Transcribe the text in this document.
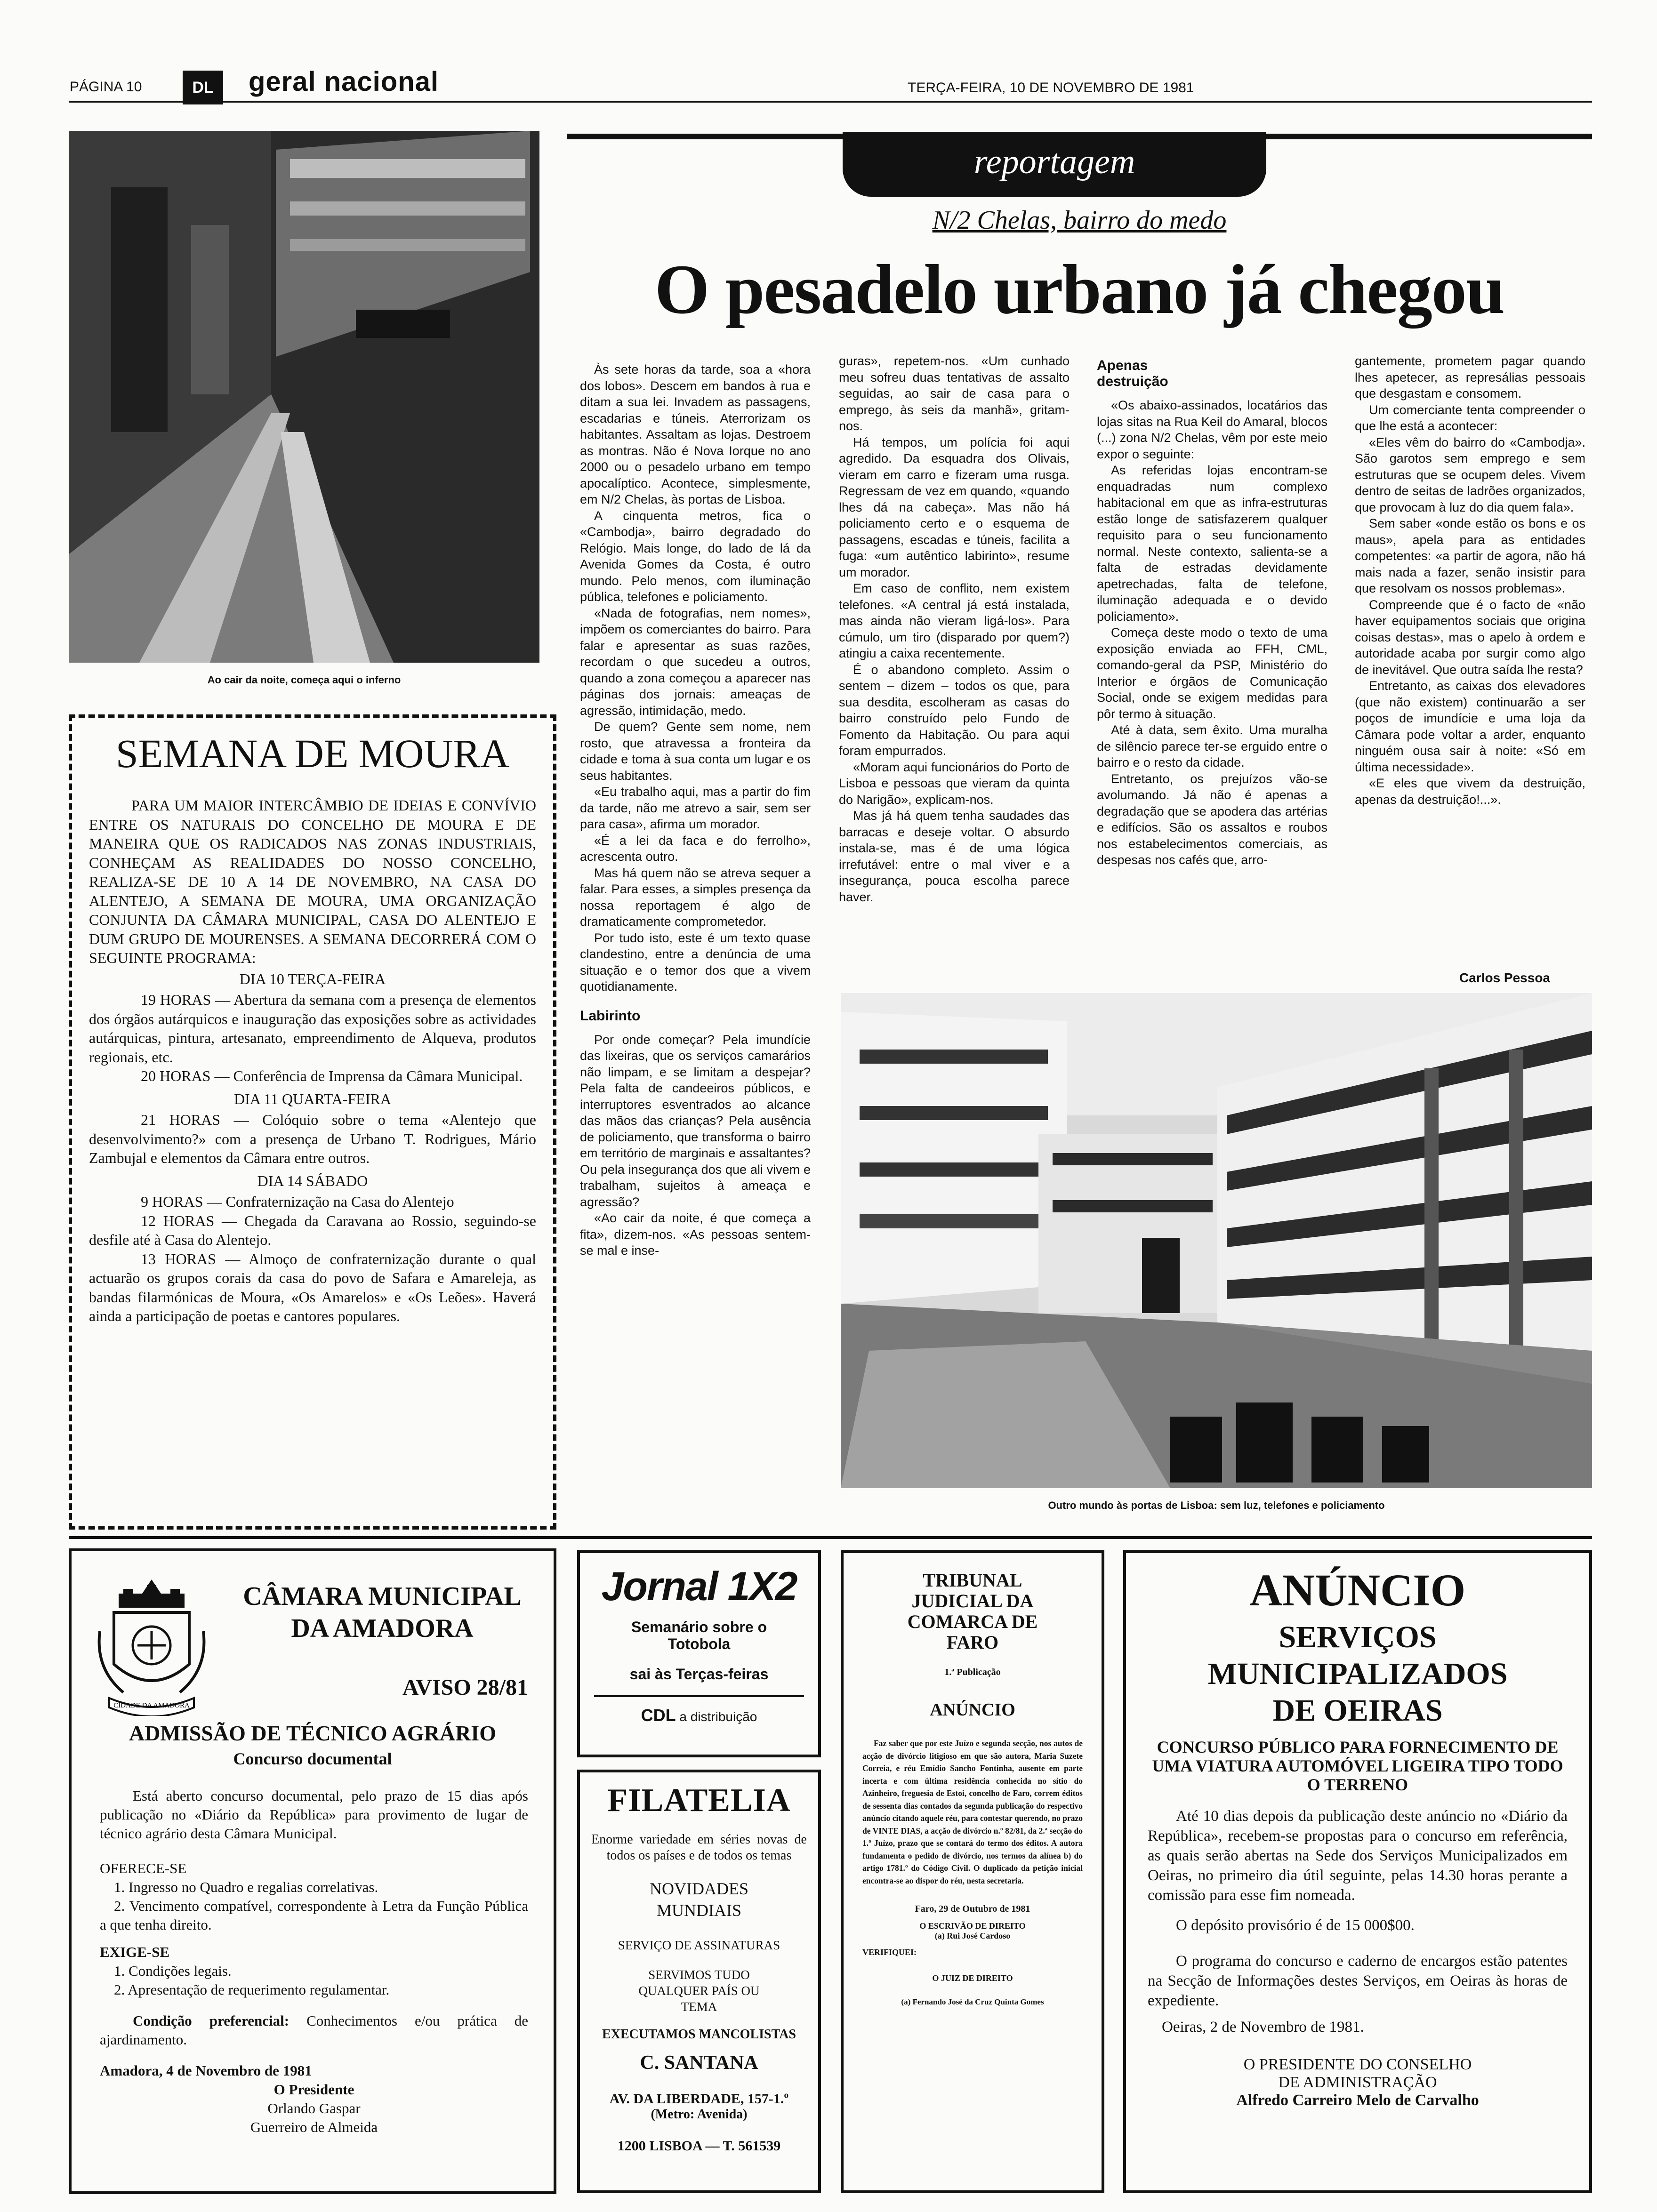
PÁGINA 10	DL	geral nacional	TERÇA-FEIRA, 10 DE NOVEMBRO DE 1981
Ao cair da noite, começa aqui o inferno
reportagem
N/2 Chelas, bairro do medo
O pesadelo urbano já chegou

Às sete horas da tarde, soa a «hora dos lobos». Descem em bandos à rua e ditam a sua lei. Invadem as passagens, escadarias e túneis. Aterrorizam os habitantes. Assaltam as lojas. Destroem as montras. Não é Nova Iorque no ano 2000 ou o pesadelo urbano em tempo apocalíptico. Acontece, simplesmente, em N/2 Chelas, às portas de Lisboa.

A cinquenta metros, fica o «Cambodja», bairro degradado do Relógio. Mais longe, do lado de lá da Avenida Gomes da Costa, é outro mundo. Pelo menos, com iluminação pública, telefones e policiamento.

«Nada de fotografias, nem nomes», impõem os comerciantes do bairro. Para falar e apresentar as suas razões, recordam o que sucedeu a outros, quando a zona começou a aparecer nas páginas dos jornais: ameaças de agressão, intimidação, medo.

De quem? Gente sem nome, nem rosto, que atravessa a fronteira da cidade e toma à sua conta um lugar e os seus habitantes.

«Eu trabalho aqui, mas a partir do fim da tarde, não me atrevo a sair, sem ser para casa», afirma um morador.

«É a lei da faca e do ferrolho», acrescenta outro.

Mas há quem não se atreva sequer a falar. Para esses, a simples presença da nossa reportagem é algo de dramaticamente comprometedor.

Por tudo isto, este é um texto quase clandestino, entre a denúncia de uma situação e o temor dos que a vivem quotidianamente.

Labirinto

Por onde começar? Pela imundície das lixeiras, que os serviços camarários não limpam, e se limitam a despejar? Pela falta de candeeiros públicos, e interruptores esventrados ao alcance das mãos das crianças? Pela ausência de policiamento, que transforma o bairro em território de marginais e assaltantes? Ou pela insegurança dos que ali vivem e trabalham, sujeitos à ameaça e agressão?

«Ao cair da noite, é que começa a fita», dizem-nos. «As pessoas sentem-se mal e inse-

guras», repetem-nos. «Um cunhado meu sofreu duas tentativas de assalto seguidas, ao sair de casa para o emprego, às seis da manhã», gritam-nos.

Há tempos, um polícia foi aqui agredido. Da esquadra dos Olivais, vieram em carro e fizeram uma rusga. Regressam de vez em quando, «quando lhes dá na cabeça». Mas não há policiamento certo e o esquema de passagens, escadas e túneis, facilita a fuga: «um autêntico labirinto», resume um morador.

Em caso de conflito, nem existem telefones. «A central já está instalada, mas ainda não vieram ligá-los». Para cúmulo, um tiro (disparado por quem?) atingiu a caixa recentemente.

É o abandono completo. Assim o sentem – dizem – todos os que, para sua desdita, escolheram as casas do bairro construído pelo Fundo de Fomento da Habitação. Ou para aqui foram empurrados.

«Moram aqui funcionários do Porto de Lisboa e pessoas que vieram da quinta do Narigão», explicam-nos.

Mas já há quem tenha saudades das barracas e deseje voltar. O absurdo instala-se, mas é de uma lógica irrefutável: entre o mal viver e a insegurança, pouca escolha parece haver.

Apenas destruição

«Os abaixo-assinados, locatários das lojas sitas na Rua Keil do Amaral, blocos (...) zona N/2 Chelas, vêm por este meio expor o seguinte:

As referidas lojas encontram-se enquadradas num complexo habitacional em que as infra-estruturas estão longe de satisfazerem qualquer requisito para o seu funcionamento normal. Neste contexto, salienta-se a falta de estradas devidamente apetrechadas, falta de telefone, iluminação adequada e o devido policiamento».

Começa deste modo o texto de uma exposição enviada ao FFH, CML, comando-geral da PSP, Ministério do Interior e órgãos de Comunicação Social, onde se exigem medidas para pôr termo à situação.

Até à data, sem êxito. Uma muralha de silêncio parece ter-se erguido entre o bairro e o resto da cidade.

Entretanto, os prejuízos vão-se avolumando. Já não é apenas a degradação que se apodera das artérias e edifícios. São os assaltos e roubos nos estabelecimentos comerciais, as despesas nos cafés que, arro-

gantemente, prometem pagar quando lhes apetecer, as represálias pessoais que desgastam e consomem.

Um comerciante tenta compreender o que lhe está a acontecer:

«Eles vêm do bairro do «Cambodja». São garotos sem emprego e sem estruturas que se ocupem deles. Vivem dentro de seitas de ladrões organizados, que provocam à luz do dia quem fala».

Sem saber «onde estão os bons e os maus», apela para as entidades competentes: «a partir de agora, não há mais nada a fazer, senão insistir para que resolvam os nossos problemas».

Compreende que é o facto de «não haver equipamentos sociais que origina coisas destas», mas o apelo à ordem e autoridade acaba por surgir como algo de inevitável. Que outra saída lhe resta?

Entretanto, as caixas dos elevadores (que não existem) continuarão a ser poços de imundície e uma loja da Câmara pode voltar a arder, enquanto ninguém ousa sair à noite: «Só em última necessidade».

«E eles que vivem da destruição, apenas da destruição!...».

Carlos Pessoa
Outro mundo às portas de Lisboa: sem luz, telefones e policiamento
SEMANA DE MOURA
PARA UM MAIOR INTERCÂMBIO DE IDEIAS E CONVÍVIO ENTRE OS NATURAIS DO CONCELHO DE MOURA E DE MANEIRA QUE OS RADICADOS NAS ZONAS INDUSTRIAIS, CONHEÇAM AS REALIDADES DO NOSSO CONCELHO, REALIZA-SE DE 10 A 14 DE NOVEMBRO, NA CASA DO ALENTEJO, A SEMANA DE MOURA, UMA ORGANIZAÇÃO CONJUNTA DA CÂMARA MUNICIPAL, CASA DO ALENTEJO E DUM GRUPO DE MOURENSES. A SEMANA DECORRERÁ COM O SEGUINTE PROGRAMA:
DIA 10 TERÇA-FEIRA

19 HORAS — Abertura da semana com a presença de elementos dos órgãos autárquicos e inauguração das exposições sobre as actividades autárquicas, pintura, artesanato, empreendimento de Alqueva, produtos regionais, etc.

20 HORAS — Conferência de Imprensa da Câmara Municipal.

DIA 11 QUARTA-FEIRA

21 HORAS — Colóquio sobre o tema «Alentejo que desenvolvimento?» com a presença de Urbano T. Rodrigues, Mário Zambujal e elementos da Câmara entre outros.

DIA 14 SÁBADO

9 HORAS — Confraternização na Casa do Alentejo

12 HORAS — Chegada da Caravana ao Rossio, seguindo-se desfile até à Casa do Alentejo.

13 HORAS — Almoço de confraternização durante o qual actuarão os grupos corais da casa do povo de Safara e Amareleja, as bandas filarmónicas de Moura, «Os Amarelos» e «Os Leões». Haverá ainda a participação de poetas e cantores populares.

CIDADE DA AMADORA
CÂMARA MUNICIPAL
DA AMADORA
AVISO 28/81
ADMISSÃO DE TÉCNICO AGRÁRIO
Concurso documental
Está aberto concurso documental, pelo prazo de 15 dias após publicação no «Diário da República» para provimento de lugar de técnico agrário desta Câmara Municipal.
OFERECE-SE
1. Ingresso no Quadro e regalias correlativas.
2. Vencimento compatível, correspondente à Letra da Função Pública a que tenha direito.
EXIGE-SE
1. Condições legais.
2. Apresentação de requerimento regulamentar.
Condição preferencial: Conhecimentos e/ou prática de ajardinamento.
Amadora, 4 de Novembro de 1981
O Presidente
Orlando Gaspar
Guerreiro de Almeida
Jornal 1X2
Semanário sobre o Totobola
sai às Terças-feiras
CDL a distribuição
FILATELIA
Enorme variedade em séries novas de todos os países e de todos os temas
NOVIDADES MUNDIAIS
SERVIÇO DE ASSINATURAS
SERVIMOS TUDO QUALQUER PAÍS OU TEMA
EXECUTAMOS MANCOLISTAS
C. SANTANA
AV. DA LIBERDADE, 157-1.º
(Metro: Avenida)
1200 LISBOA — T. 561539
TRIBUNAL JUDICIAL DA COMARCA DE FARO
1.ª Publicação
ANÚNCIO
Faz saber que por este Juízo e segunda secção, nos autos de acção de divórcio litigioso em que são autora, Maria Suzete Correia, e réu Emídio Sancho Fontinha, ausente em parte incerta e com última residência conhecida no sítio do Azinheiro, freguesia de Estoi, concelho de Faro, correm éditos de sessenta dias contados da segunda publicação do respectivo anúncio citando aquele réu, para contestar querendo, no prazo de VINTE DIAS, a acção de divórcio n.º 82/81, da 2.ª secção do 1.º Juízo, prazo que se contará do termo dos éditos. A autora fundamenta o pedido de divórcio, nos termos da alínea b) do artigo 1781.º do Código Civil. O duplicado da petição inicial encontra-se ao dispor do réu, nesta secretaria.
Faro, 29 de Outubro de 1981
O ESCRIVÃO DE DIREITO
(a) Rui José Cardoso
VERIFIQUEI:
O JUIZ DE DIREITO
(a) Fernando José da Cruz Quinta Gomes
ANÚNCIO
SERVIÇOS
MUNICIPALIZADOS
DE OEIRAS
CONCURSO PÚBLICO PARA FORNECIMENTO DE UMA VIATURA AUTOMÓVEL LIGEIRA TIPO TODO O TERRENO
Até 10 dias depois da publicação deste anúncio no «Diário da República», recebem-se propostas para o concurso em referência, as quais serão abertas na Sede dos Serviços Municipalizados em Oeiras, no primeiro dia útil seguinte, pelas 14.30 horas perante a comissão para esse fim nomeada.
O depósito provisório é de 15 000$00.
O programa do concurso e caderno de encargos estão patentes na Secção de Informações destes Serviços, em Oeiras às horas de expediente.
Oeiras, 2 de Novembro de 1981.
O PRESIDENTE DO CONSELHO
DE ADMINISTRAÇÃO
Alfredo Carreiro Melo de Carvalho
